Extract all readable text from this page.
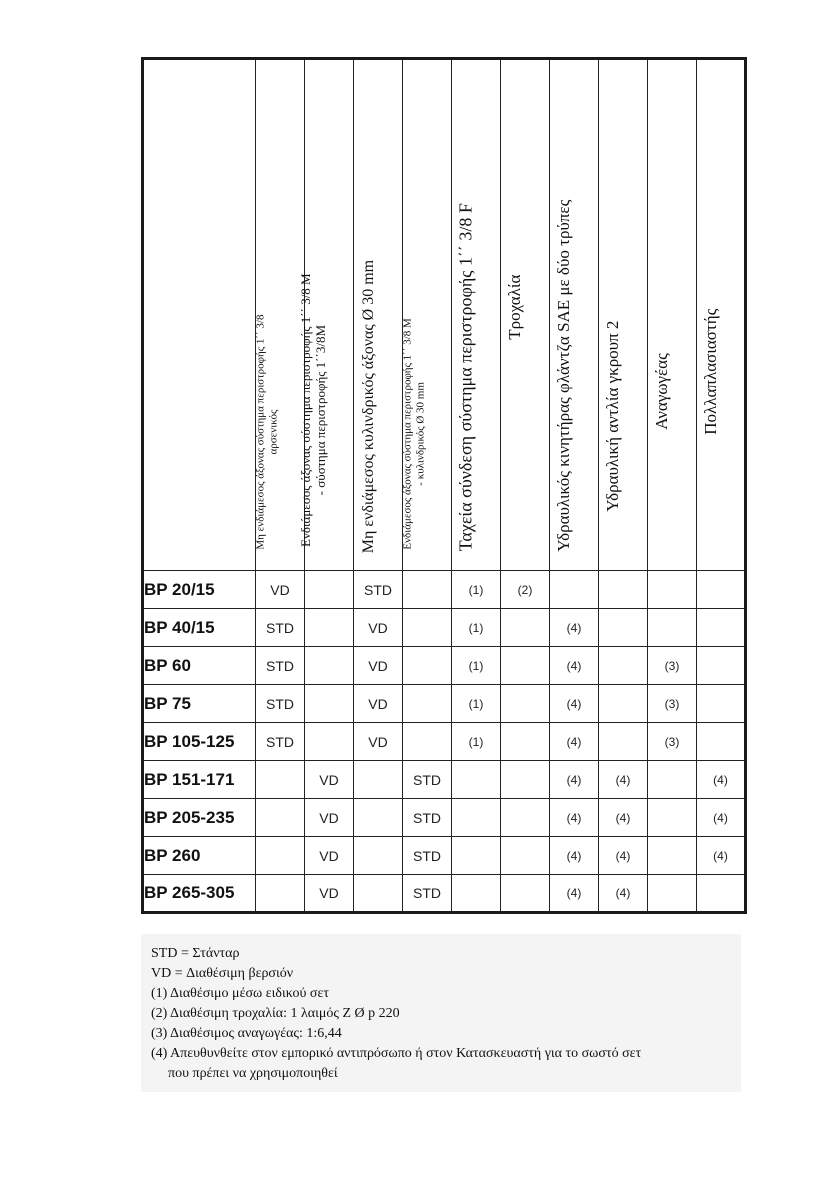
	Μη ενδιάμεσος άξονας σύστημα περιστροφής 1΄΄ 3/8 αρσενικός	Ενδιάμεσος άξονας σύστημα περιστροφής 1΄΄ 3/8 Μ - σύστημα περιστροφής 1΄΄3/8Μ	Μη ενδιάμεσος κυλινδρικός άξονας Ø 30 mm	Ενδιάμεσος άξονας σύστημα περιστροφής 1΄΄ 3/8 Μ - κυλινδρικός Ø 30 mm	Ταχεία σύνδεση σύστημα περιστροφής 1΄΄ 3/8 F	Τροχαλία	Υδραυλικός κινητήρας φλάντζα SAE με δύο τρύπες	Υδραυλική αντλία γκρουπ 2	Αναγωγέας	Πολλαπλασιαστής

BP 20/15	VD		STD		(1)	(2)				
BP 40/15	STD		VD		(1)		(4)			
BP 60	STD		VD		(1)		(4)		(3)	
BP 75	STD		VD		(1)		(4)		(3)	
BP 105-125	STD		VD		(1)		(4)		(3)	
BP 151-171		VD		STD			(4)	(4)		(4)
BP 205-235		VD		STD			(4)	(4)		(4)
BP 260		VD		STD			(4)	(4)		(4)
BP 265-305		VD		STD			(4)	(4)		
STD = Στάνταρ
VD = Διαθέσιμη βερσιόν
(1) Διαθέσιμο μέσω ειδικού σετ
(2) Διαθέσιμη τροχαλία: 1 λαιμός Z Ø p 220
(3) Διαθέσιμος αναγωγέας: 1:6,44
(4) Απευθυνθείτε στον εμπορικό αντιπρόσωπο ή στον Κατασκευαστή για το σωστό σετ
που πρέπει να χρησιμοποιηθεί
